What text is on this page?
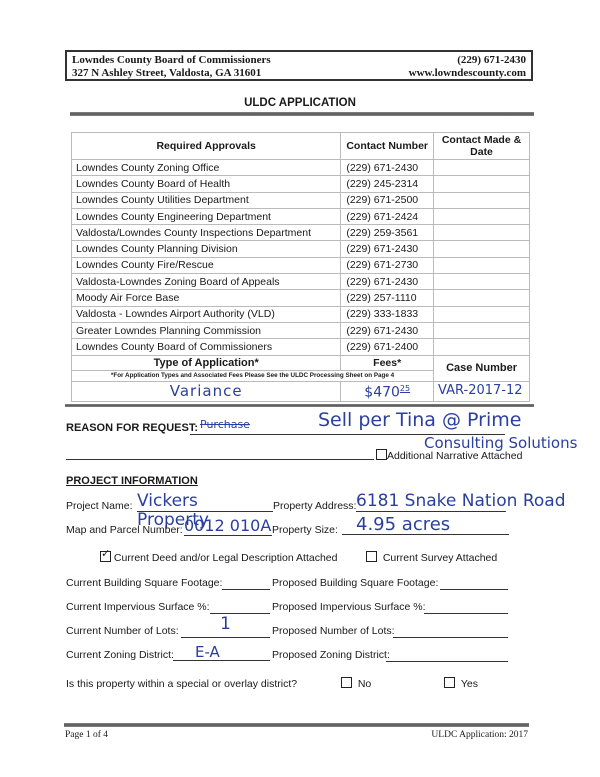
Lowndes County Board of Commissioners
327 N Ashley Street, Valdosta, GA 31601
(229) 671-2430
www.lowndescounty.com
ULDC APPLICATION
Required Approvals	Contact Number	Contact Made & Date
Lowndes County Zoning Office	(229) 671-2430	
Lowndes County Board of Health	(229) 245-2314	
Lowndes County Utilities Department	(229) 671-2500	
Lowndes County Engineering Department	(229) 671-2424	
Valdosta/Lowndes County Inspections Department	(229) 259-3561	
Lowndes County Planning Division	(229) 671-2430	
Lowndes County Fire/Rescue	(229) 671-2730	
Valdosta-Lowndes Zoning Board of Appeals	(229) 671-2430	
Moody Air Force Base	(229) 257-1110	
Valdosta - Lowndes Airport Authority (VLD)	(229) 333-1833	
Greater Lowndes Planning Commission	(229) 671-2430	
Lowndes County Board of Commissioners	(229) 671-2400	
Type of Application*	Fees*	Case Number
*For Application Types and Associated Fees Please See the ULDC Processing Sheet on Page 4		
Variance	$\$470^{25}$	VAR-2017-12
REASON FOR REQUEST: Purchase	Sell per Tina @ Prime
Consulting Solutions
Additional Narrative Attached
PROJECT INFORMATION
Project Name: Vickers Property
Property Address: 6181 Snake Nation Road
Map and Parcel Number: 0012 010A Property Size:	4.95 acres
✓ Current Deed and/or Legal Description Attached	Current Survey Attached
Current Building Square Footage:	Proposed Building Square Footage:
Current Impervious Surface %:	Proposed Impervious Surface %:
Current Number of Lots:	1	Proposed Number of Lots:
Current Zoning District:	E-A	Proposed Zoning District:
Is this property within a special or overlay district?	No	Yes
Page 1 of 4	ULDC Application: 2017
